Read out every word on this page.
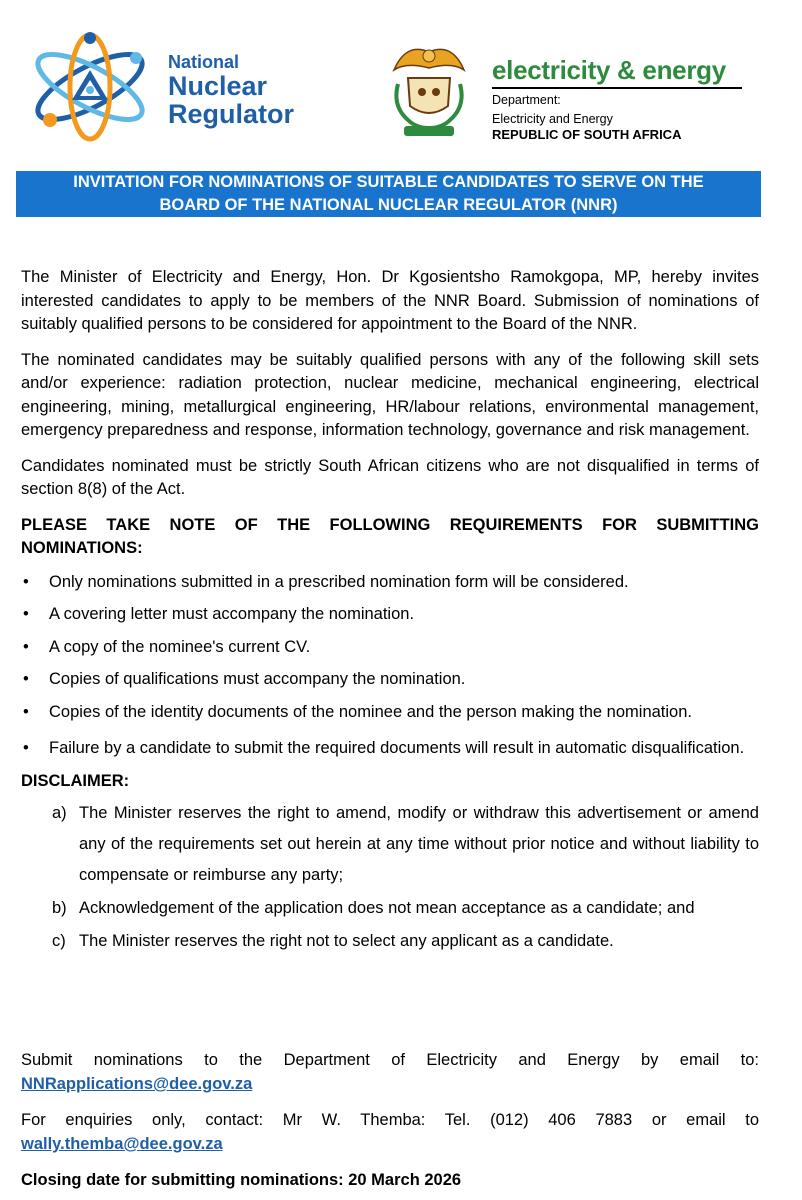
National
Nuclear
Regulator
electricity & energy
Department:
Electricity and Energy
REPUBLIC OF SOUTH AFRICA
INVITATION FOR NOMINATIONS OF SUITABLE CANDIDATES TO SERVE ON THE
BOARD OF THE NATIONAL NUCLEAR REGULATOR (NNR)

The Minister of Electricity and Energy, Hon. Dr Kgosientsho Ramokgopa, MP, hereby invites interested candidates to apply to be members of the NNR Board. Submission of nominations of suitably qualified persons to be considered for appointment to the Board of the NNR.

The nominated candidates may be suitably qualified persons with any of the following skill sets and/or experience: radiation protection, nuclear medicine, mechanical engineering, electrical engineering, mining, metallurgical engineering, HR/labour relations, environmental management, emergency preparedness and response, information technology, governance and risk management.

Candidates nominated must be strictly South African citizens who are not disqualified in terms of section 8(8) of the Act.

PLEASE TAKE NOTE OF THE FOLLOWING REQUIREMENTS FOR SUBMITTING NOMINATIONS:

• Only nominations submitted in a prescribed nomination form will be considered.
• A covering letter must accompany the nomination.
• A copy of the nominee's current CV.
• Copies of qualifications must accompany the nomination.
• Copies of the identity documents of the nominee and the person making the nomination.
• Failure by a candidate to submit the required documents will result in automatic disqualification.
DISCLAIMER:
a) The Minister reserves the right to amend, modify or withdraw this advertisement or amend any of the requirements set out herein at any time without prior notice and without liability to compensate or reimburse any party;
b) Acknowledgement of the application does not mean acceptance as a candidate; and
c) The Minister reserves the right not to select any applicant as a candidate.

Submit nominations to the Department of Electricity and Energy by email to: NNRapplications@dee.gov.za

For enquiries only, contact: Mr W. Themba: Tel. (012) 406 7883 or email to wally.themba@dee.gov.za

Closing date for submitting nominations: 20 March 2026
